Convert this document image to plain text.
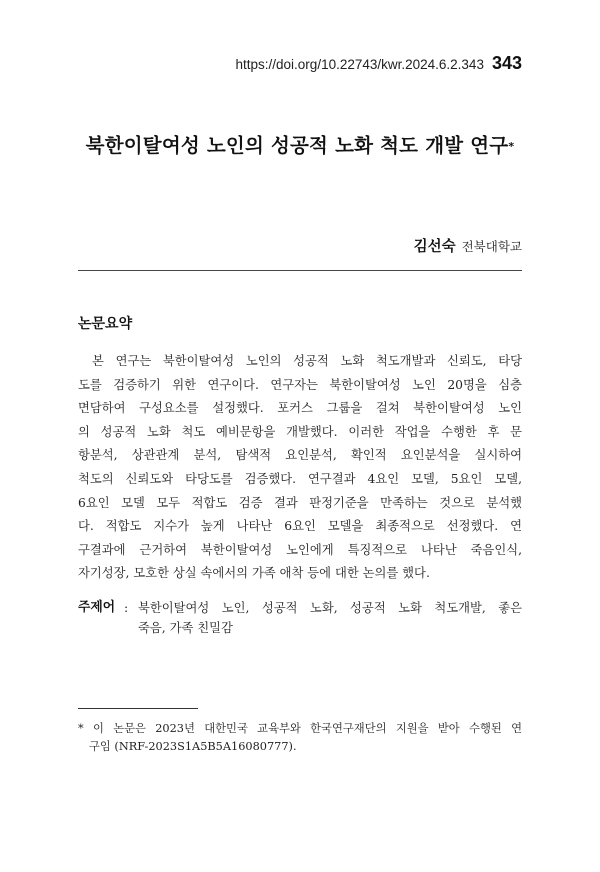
https://doi.org/10.22743/kwr.2024.6.2.343 343
북한이탈여성 노인의 성공적 노화 척도 개발 연구*
김선숙 전북대학교
논문요약
본 연구는 북한이탈여성 노인의 성공적 노화 척도개발과 신뢰도, 타당
도를 검증하기 위한 연구이다. 연구자는 북한이탈여성 노인 20명을 심층
면담하여 구성요소를 설정했다. 포커스 그룹을 걸쳐 북한이탈여성 노인
의 성공적 노화 척도 예비문항을 개발했다. 이러한 작업을 수행한 후 문
항분석, 상관관계 분석, 탐색적 요인분석, 확인적 요인분석을 실시하여
척도의 신뢰도와 타당도를 검증했다. 연구결과 4요인 모델, 5요인 모델,
6요인 모델 모두 적합도 검증 결과 판정기준을 만족하는 것으로 분석했
다. 적합도 지수가 높게 나타난 6요인 모델을 최종적으로 선정했다. 연
구결과에 근거하여 북한이탈여성 노인에게 특징적으로 나타난 죽음인식,
자기성장, 모호한 상실 속에서의 가족 애착 등에 대한 논의를 했다.
주제어 : 북한이탈여성 노인, 성공적 노화, 성공적 노화 척도개발, 좋은
죽음, 가족 친밀감
* 이 논문은 2023년 대한민국 교육부와 한국연구재단의 지원을 받아 수행된 연
구임 (NRF-2023S1A5B5A16080777).
